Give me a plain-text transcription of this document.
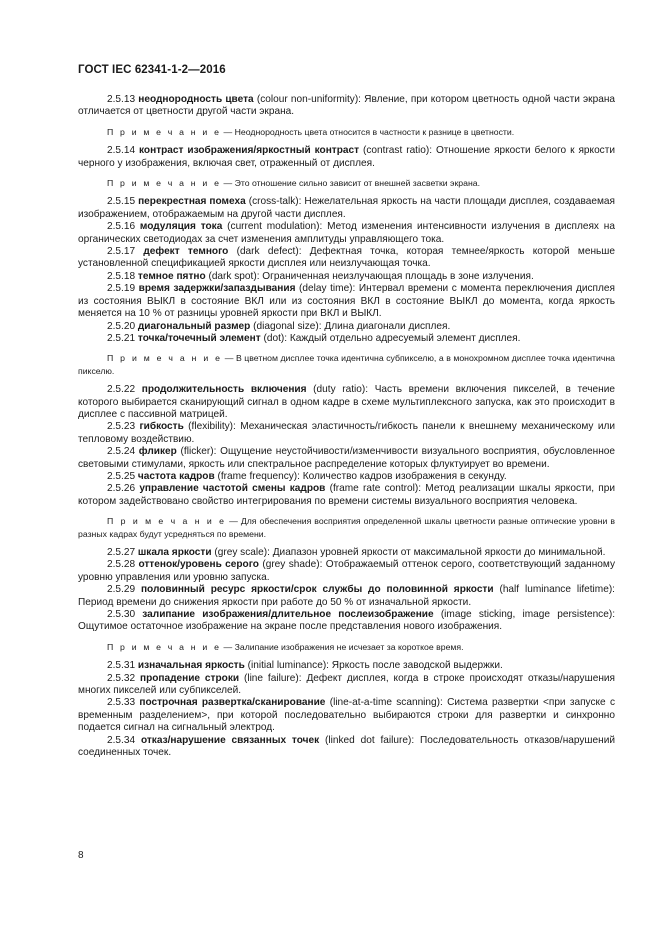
ГОСТ IEC 62341-1-2—2016

2.5.13 неоднородность цвета (colour non-uniformity): Явление, при котором цветность одной части экрана отличается от цветности другой части экрана.

П р и м е ч а н и е — Неоднородность цвета относится в частности к разнице в цветности.

2.5.14 контраст изображения/яркостный контраст (contrast ratio): Отношение яркости белого к яркости черного у изображения, включая свет, отраженный от дисплея.

П р и м е ч а н и е — Это отношение сильно зависит от внешней засветки экрана.

2.5.15 перекрестная помеха (cross-talk): Нежелательная яркость на части площади дисплея, создаваемая изображением, отображаемым на другой части дисплея.

2.5.16 модуляция тока (current modulation): Метод изменения интенсивности излучения в дисплеях на органических светодиодах за счет изменения амплитуды управляющего тока.

2.5.17 дефект темного (dark defect): Дефектная точка, которая темнее/яркость которой меньше установленной спецификацией яркости дисплея или неизлучающая точка.

2.5.18 темное пятно (dark spot): Ограниченная неизлучающая площадь в зоне излучения.

2.5.19 время задержки/запаздывания (delay time): Интервал времени с момента переключения дисплея из состояния ВЫКЛ в состояние ВКЛ или из состояния ВКЛ в состояние ВЫКЛ до момента, когда яркость меняется на 10 % от разницы уровней яркости при ВКЛ и ВЫКЛ.

2.5.20 диагональный размер (diagonal size): Длина диагонали дисплея.

2.5.21 точка/точечный элемент (dot): Каждый отдельно адресуемый элемент дисплея.

П р и м е ч а н и е — В цветном дисплее точка идентична субпикселю, а в монохромном дисплее точка идентична пикселю.

2.5.22 продолжительность включения (duty ratio): Часть времени включения пикселей, в течение которого выбирается сканирующий сигнал в одном кадре в схеме мультиплексного запуска, как это происходит в дисплее с пассивной матрицей.

2.5.23 гибкость (flexibility): Механическая эластичность/гибкость панели к внешнему механическому или тепловому воздействию.

2.5.24 фликер (flicker): Ощущение неустойчивости/изменчивости визуального восприятия, обусловленное световыми стимулами, яркость или спектральное распределение которых флуктуирует во времени.

2.5.25 частота кадров (frame frequency): Количество кадров изображения в секунду.

2.5.26 управление частотой смены кадров (frame rate control): Метод реализации шкалы яркости, при котором задействовано свойство интегрирования по времени системы визуального восприятия человека.

П р и м е ч а н и е — Для обеспечения восприятия определенной шкалы цветности разные оптические уровни в разных кадрах будут усредняться по времени.

2.5.27 шкала яркости (grey scale): Диапазон уровней яркости от максимальной яркости до минимальной.

2.5.28 оттенок/уровень серого (grey shade): Отображаемый оттенок серого, соответствующий заданному уровню управления или уровню запуска.

2.5.29 половинный ресурс яркости/срок службы до половинной яркости (half luminance lifetime): Период времени до снижения яркости при работе до 50 % от изначальной яркости.

2.5.30 залипание изображения/длительное послеизображение (image sticking, image persistence): Ощутимое остаточное изображение на экране после представления нового изображения.

П р и м е ч а н и е — Залипание изображения не исчезает за короткое время.

2.5.31 изначальная яркость (initial luminance): Яркость после заводской выдержки.

2.5.32 пропадение строки (line failure): Дефект дисплея, когда в строке происходят отказы/нарушения многих пикселей или субпикселей.

2.5.33 построчная развертка/сканирование (line-at-a-time scanning): Система развертки <при запуске с временным разделением>, при которой последовательно выбираются строки для развертки и синхронно подается сигнал на сигнальный электрод.

2.5.34 отказ/нарушение связанных точек (linked dot failure): Последовательность отказов/нарушений соединенных точек.

8
